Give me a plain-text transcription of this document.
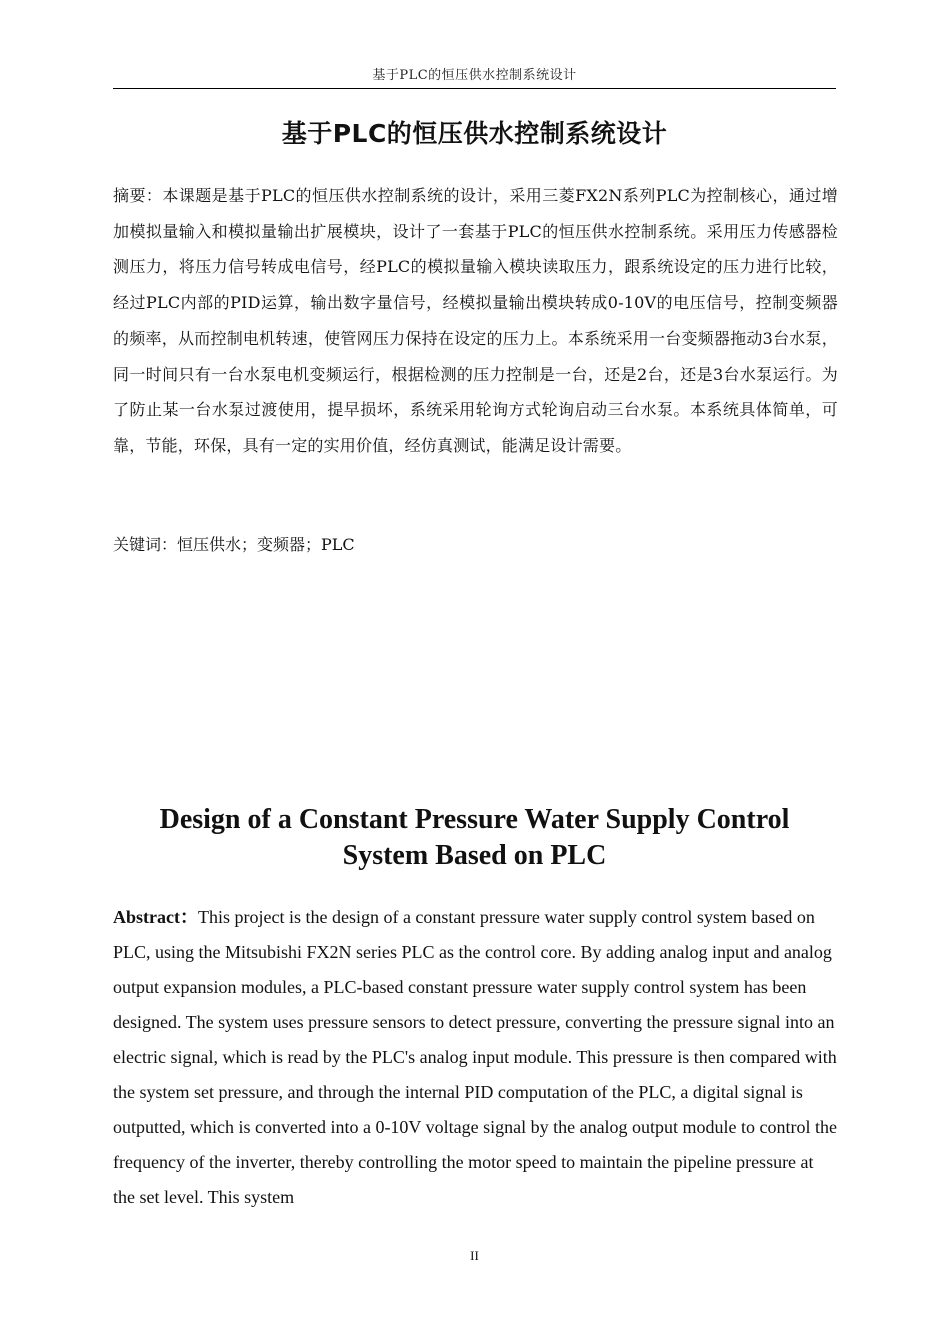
基于PLC的恒压供水控制系统设计
基于PLC的恒压供水控制系统设计
摘要：本课题是基于PLC的恒压供水控制系统的设计，采用三菱FX2N系列PLC为控制核心，通过增加模拟量输入和模拟量输出扩展模块，设计了一套基于PLC的恒压供水控制系统。采用压力传感器检测压力，将压力信号转成电信号，经PLC的模拟量输入模块读取压力，跟系统设定的压力进行比较，经过PLC内部的PID运算，输出数字量信号，经模拟量输出模块转成0-10V的电压信号，控制变频器的频率，从而控制电机转速，使管网压力保持在设定的压力上。本系统采用一台变频器拖动3台水泵，同一时间只有一台水泵电机变频运行，根据检测的压力控制是一台，还是2台，还是3台水泵运行。为了防止某一台水泵过渡使用，提早损坏，系统采用轮询方式轮询启动三台水泵。本系统具体简单，可靠，节能，环保，具有一定的实用价值，经仿真测试，能满足设计需要。
关键词：恒压供水；变频器；PLC
Design of a Constant Pressure Water Supply Control
System Based on PLC
Abstract：This project is the design of a constant pressure water supply control system based on PLC, using the Mitsubishi FX2N series PLC as the control core. By adding analog input and analog output expansion modules, a PLC-based constant pressure water supply control system has been designed. The system uses pressure sensors to detect pressure, converting the pressure signal into an electric signal, which is read by the PLC's analog input module. This pressure is then compared with the system set pressure, and through the internal PID computation of the PLC, a digital signal is outputted, which is converted into a 0-10V voltage signal by the analog output module to control the frequency of the inverter, thereby controlling the motor speed to maintain the pipeline pressure at the set level. This system
II
